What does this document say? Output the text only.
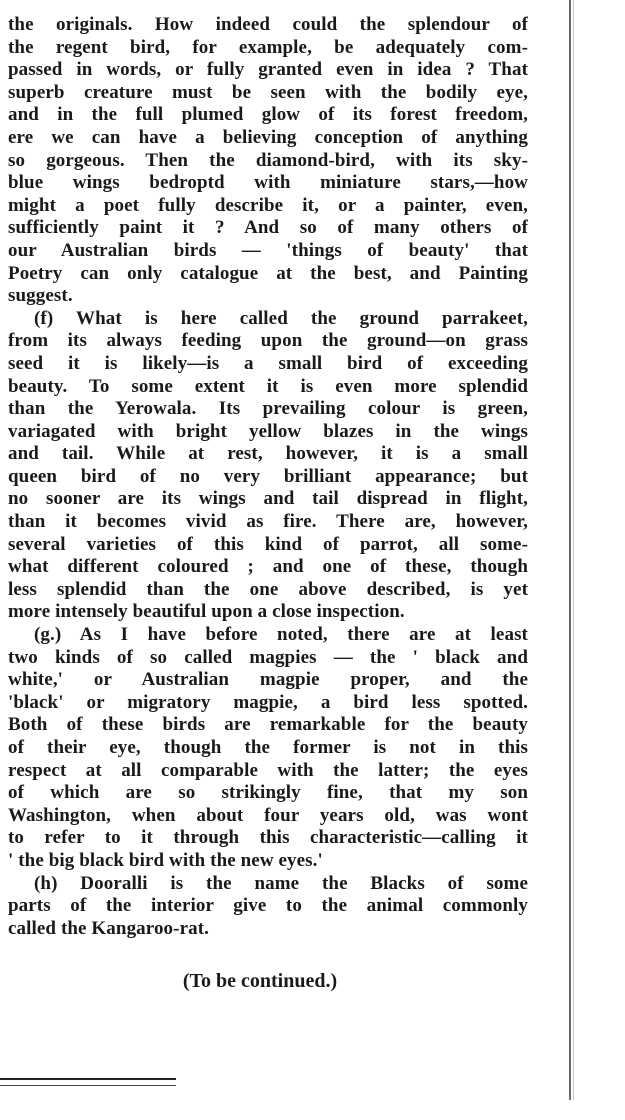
the originals. How indeed could the splendour of
the regent bird, for example, be adequately com-
passed in words, or fully granted even in idea ? That
superb creature must be seen with the bodily eye,
and in the full plumed glow of its forest freedom,
ere we can have a believing conception of anything
so gorgeous. Then the diamond-bird, with its sky-
blue wings bedroptd with miniature stars,—how
might a poet fully describe it, or a painter, even,
sufficiently paint it ? And so of many others of
our Australian birds — 'things of beauty' that
Poetry can only catalogue at the best, and Painting
suggest.
(f) What is here called the ground parrakeet,
from its always feeding upon the ground—on grass
seed it is likely—is a small bird of exceeding
beauty. To some extent it is even more splendid
than the Yerowala. Its prevailing colour is green,
variagated with bright yellow blazes in the wings
and tail. While at rest, however, it is a small
queen bird of no very brilliant appearance; but
no sooner are its wings and tail dispread in flight,
than it becomes vivid as fire. There are, however,
several varieties of this kind of parrot, all some-
what different coloured ; and one of these, though
less splendid than the one above described, is yet
more intensely beautiful upon a close inspection.
(g.) As I have before noted, there are at least
two kinds of so called magpies — the ' black and
white,' or Australian magpie proper, and the
'black' or migratory magpie, a bird less spotted.
Both of these birds are remarkable for the beauty
of their eye, though the former is not in this
respect at all comparable with the latter; the eyes
of which are so strikingly fine, that my son
Washington, when about four years old, was wont
to refer to it through this characteristic—calling it
' the big black bird with the new eyes.'
(h) Dooralli is the name the Blacks of some
parts of the interior give to the animal commonly
called the Kangaroo-rat.
(To be continued.)
